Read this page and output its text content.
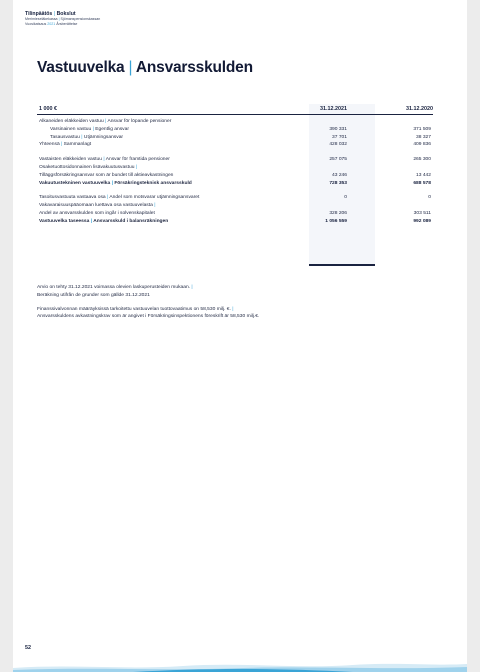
Tilinpäätös | Bokslut
Merimieseläkekassa | Sjömanspensionskassan
Vuosikatsaus 2021 Årsberättelse
Vastuuvelka | Ansvarsskulden
1 000 €	31.12.2021	31.12.2020
Alkaneiden eläkkeiden vastuu | Ansvar för löpande pensioner
Varsinainen vastuu | Egentlig ansvar	390 331	371 509
Tasausvastuu | Utjämningsansvar	37 701	38 327
Yhteensä | Sammanlagt	428 032	409 836
Vastaisten eläkkeiden vastuu | Ansvar för framtida pensioner	257 075	265 300
Osaketuottosidonnainen lisävakuutusvastuu |
Tilläggsförsäkringsansvar som är bundet till aktieavkastningen	43 246	13 442
Vakuutustekninen vastuuvelka | Försäkringsteknisk ansvarsskuld	728 353	688 578
Tasoitusvastuuta vastaava osa | Andel som motsvarar utjämningsansvaret	0	0
Vakavaraisuuspääomaan luettava osa vastuuvelasta |
Andel av ansvarsskulden som ingår i solvenskapitalet	328 206	303 511
Vastuuvelka taseessa | Ansvarsskuld i balansräkningen	1 056 559	992 089
Arvio on tehty 31.12.2021 voimassa olevien laskuperusteiden mukaan. |
Beräkning utifrån de grunder som gällde 31.12.2021
Finanssivalvonnan määräyksissä tarkoitettu vastuuvelan tuottovaatimus on 58,530 milj. €. |
Ansvarsskuldens avkastningskrav som är angivet i Försäkringsinspektionens föreskrift är 58,530 milj.€.
52
